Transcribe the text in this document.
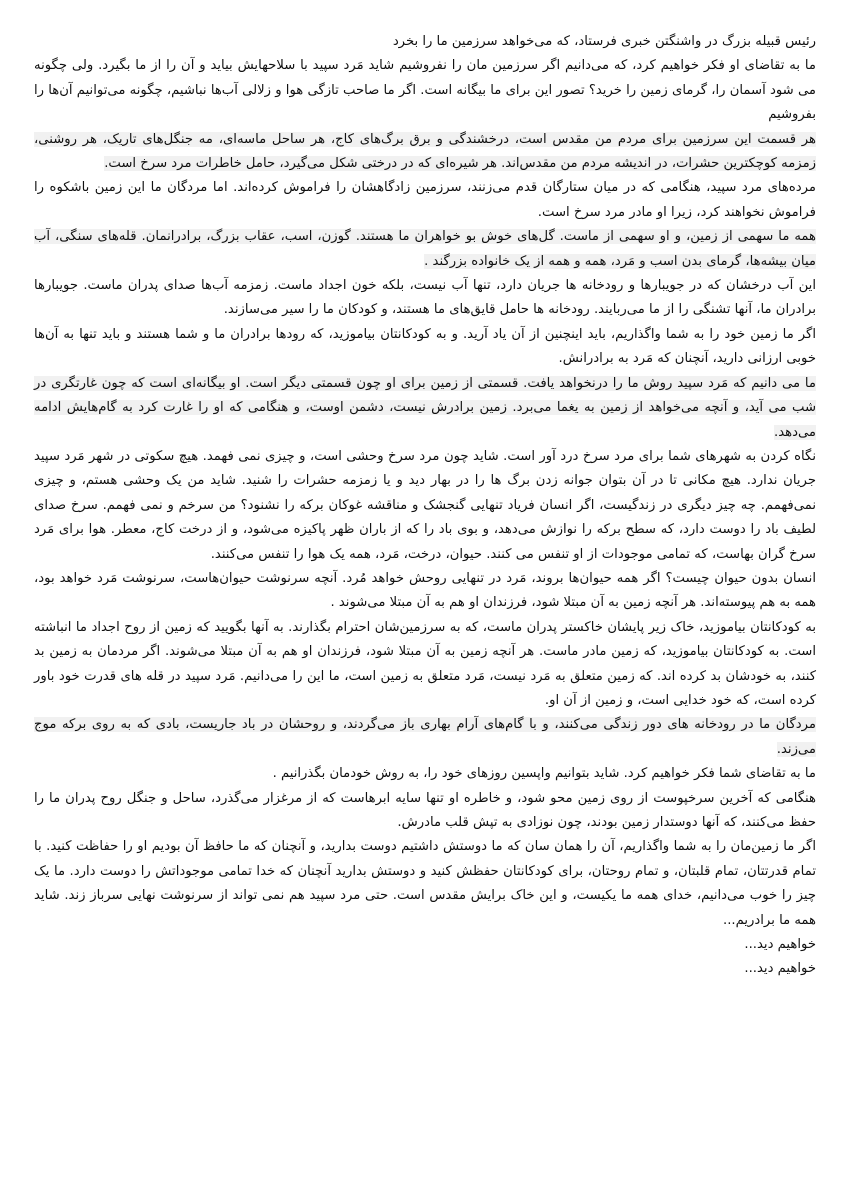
رئیس قبیله بزرگ در واشنگتن خبری فرستاد، که می‌خواهد سرزمین ما را بخرد

ما به تقاضای او فکر خواهیم کرد، که می‌دانیم اگر سرزمین مان را نفروشیم شاید مَرد سپید با سلاحهایش بیاید و آن را از ما بگیرد. ولی چگونه می شود آسمان را، گرمای زمین را خرید؟ تصور این برای ما بیگانه است. اگر ما صاحب تازگی هوا و زلالی آب‌ها نباشیم، چگونه می‌توانیم آن‌ها را بفروشیم

هر قسمت این سرزمین برای مردم من مقدس است، درخشندگی و برق برگ‌های کاج، هر ساحل ماسه‌ای، مه جنگل‌های تاریک، هر روشنی، زمزمه کوچکترین حشرات، در اندیشه مردم من مقدس‌اند. هر شیره‌ای که در درختی شکل می‌گیرد، حامل خاطرات مرد سرخ است.

مرده‌های مرد سپید، هنگامی که در میان ستارگان قدم می‌زنند، سرزمین زادگاهشان را فراموش کرده‌اند. اما مردگان ما این زمین باشکوه را فراموش نخواهند کرد، زیرا او مادر مرد سرخ است.

همه ما سهمی از زمین، و او سهمی از ماست. گل‌های خوش بو خواهران ما هستند. گوزن، اسب، عقاب بزرگ، برادرانمان. قله‌های سنگی، آب میان بیشه‌ها، گرمای بدن اسب و مَرد، همه و همه از یک خانواده بزرگند .

این آب درخشان که در جویبارها و رودخانه ها جریان دارد، تنها آب نیست، بلکه خون اجداد ماست. زمزمه آب‌ها صدای پدران ماست. جویبارها برادران ما، آنها تشنگی را از ما می‌ربایند. رودخانه ها حامل قایق‌های ما هستند، و کودکان ما را سیر می‌سازند.

اگر ما زمین خود را به شما واگذاریم، باید اینچنین از آن یاد آرید. و به کودکانتان بیاموزید، که رودها برادران ما و شما هستند و باید تنها به آن‌ها خوبی ارزانی دارید، آنچنان که مَرد به برادرانش.

ما می دانیم که مَرد سپید روش ما را درنخواهد یافت. قسمتی از زمین برای او چون قسمتی دیگر است. او بیگانه‌ای است که چون غارتگری در شب می آید، و آنچه می‌خواهد از زمین به یغما می‌برد. زمین برادرش نیست، دشمن اوست، و هنگامی که او را غارت کرد به گام‌هایش ادامه می‌دهد.

نگاه کردن به شهرهای شما برای مرد سرخ درد آور است. شاید چون مرد سرخ وحشی است، و چیزی نمی فهمد. هیچ سکوتی در شهر مَرد سپید جریان ندارد. هیچ مکانی تا در آن بتوان جوانه زدن برگ ها را در بهار دید و یا زمزمه حشرات را شنید. شاید من یک وحشی هستم، و چیزی نمی‌فهمم. چه چیز دیگری در زندگیست، اگر انسان فریاد تنهایی گنجشک و مناقشه غوکان برکه را نشنود؟ من سرخم و نمی فهمم. سرخ صدای لطیف باد را دوست دارد، که سطح برکه را نوازش می‌دهد، و بوی باد را که از باران ظهر پاکیزه می‌شود، و از درخت کاج، معطر. هوا برای مَرد سرخ گران بهاست، که تمامی موجودات از او تنفس می کنند. حیوان، درخت، مَرد، همه یک هوا را تنفس می‌کنند.

انسان بدون حیوان چیست؟ اگر همه حیوان‌ها بروند، مَرد در تنهایی روحش خواهد مُرد. آنچه سرنوشت حیوان‌هاست، سرنوشت مَرد خواهد بود، همه به هم پیوسته‌اند. هر آنچه زمین به آن مبتلا شود، فرزندان او هم به آن مبتلا می‌شوند .

به کودکانتان بیاموزید، خاک زیر پایشان خاکستر پدران ماست، که به سرزمین‌شان احترام بگذارند. به آنها بگویید که زمین از روح اجداد ما انباشته است. به کودکانتان بیاموزید، که زمین مادر ماست. هر آنچه زمین به آن مبتلا شود، فرزندان او هم به آن مبتلا می‌شوند. اگر مردمان به زمین بد کنند، به خودشان بد کرده اند. که زمین متعلق به مَرد نیست، مَرد متعلق به زمین است، ما این را می‌دانیم. مَرد سپید در قله های قدرت خود باور کرده است، که خود خدایی است، و زمین از آن او.

مردگان ما در رودخانه های دور زندگی می‌کنند، و با گام‌های آرام بهاری باز می‌گردند، و روحشان در باد جاریست، بادی که به روی برکه موج می‌زند.

ما به تقاضای شما فکر خواهیم کرد. شاید بتوانیم واپسین روزهای خود را، به روش خودمان بگذرانیم .

هنگامی که آخرین سرخپوست از روی زمین محو شود، و خاطره او تنها سایه ابرهاست که از مرغزار می‌گذرد، ساحل و جنگل روح پدران ما را حفظ می‌کنند، که آنها دوستدار زمین بودند، چون نوزادی به تپش قلب مادرش.

اگر ما زمین‌مان را به شما واگذاریم، آن را همان سان که ما دوستش داشتیم دوست بدارید، و آنچنان که ما حافظ آن بودیم او را حفاظت کنید. با تمام قدرتتان، تمام قلبتان، و تمام روحتان، برای کودکانتان حفظش کنید و دوستش بدارید آنچنان که خدا تمامی موجوداتش را دوست دارد. ما یک چیز را خوب می‌دانیم، خدای همه ما یکیست، و این خاک برایش مقدس است. حتی مرد سپید هم نمی تواند از سرنوشت نهایی سرباز زند. شاید همه ما برادریم...

خواهیم دید...

خواهیم دید...
